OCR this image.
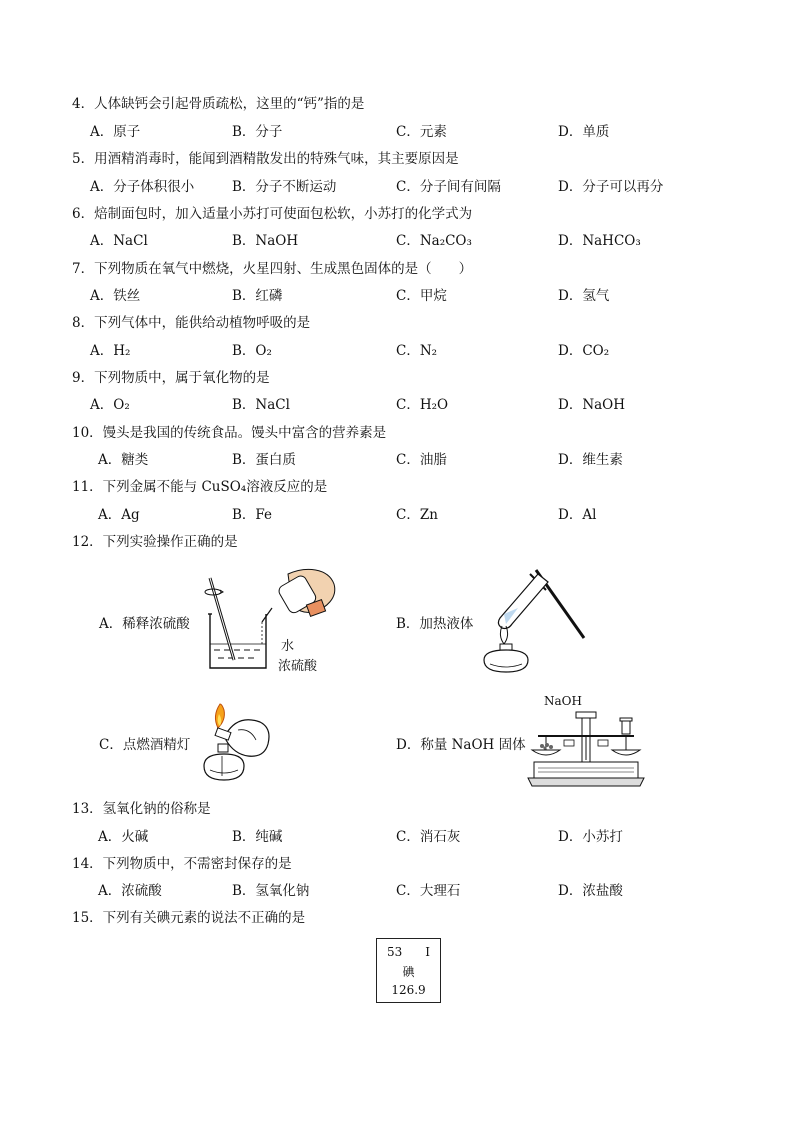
4．人体缺钙会引起骨质疏松，这里的“钙”指的是
A．原子	B．分子	C．元素	D．单质
5．用酒精消毒时，能闻到酒精散发出的特殊气味，其主要原因是
A．分子体积很小	B．分子不断运动	C．分子间有间隔	D．分子可以再分
6．焙制面包时，加入适量小苏打可使面包松软，小苏打的化学式为
A．NaCl	B．NaOH	C．Na₂CO₃	D．NaHCO₃
7．下列物质在氧气中燃烧，火星四射、生成黑色固体的是（　　）
A．铁丝	B．红磷	C．甲烷	D．氢气
8．下列气体中，能供给动植物呼吸的是
A．H₂	B．O₂	C．N₂	D．CO₂
9．下列物质中，属于氧化物的是
A．O₂	B．NaCl	C．H₂O	D．NaOH
10．馒头是我国的传统食品。馒头中富含的营养素是
A．糖类	B．蛋白质	C．油脂	D．维生素
11．下列金属不能与 CuSO₄溶液反应的是
A．Ag	B．Fe	C．Zn	D．Al
12．下列实验操作正确的是
A．稀释浓硫酸
水
浓硫酸
B．加热液体
C．点燃酒精灯	D．称量 NaOH 固体
NaOH
13．氢氧化钠的俗称是
A．火碱	B．纯碱	C．消石灰	D．小苏打
14．下列物质中，不需密封保存的是
A．浓硫酸	B．氢氧化钠	C．大理石	D．浓盐酸
15．下列有关碘元素的说法不正确的是
53 I
碘
126.9
